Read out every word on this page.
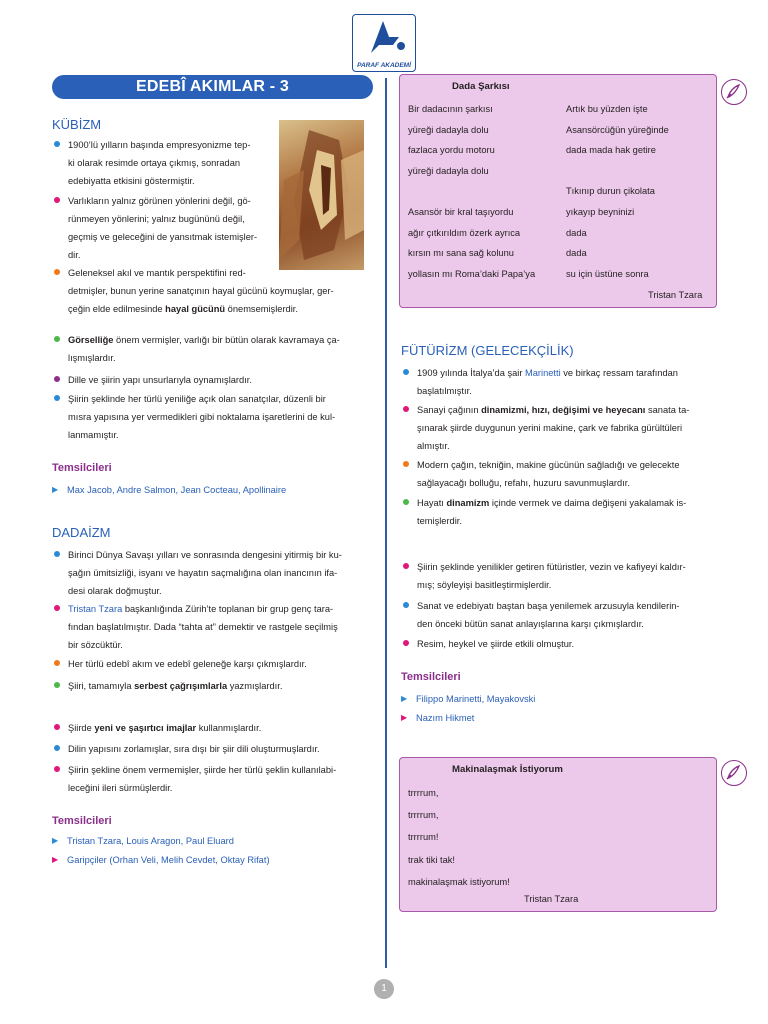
PARAF AKADEMİ
EDEBÎ AKIMLAR - 3
KÜBİZM
1900’lü yılların başında empresyonizme tep-
ki olarak resimde ortaya çıkmış, sonradan
edebiyatta etkisini göstermiştir.
Varlıkların yalnız görünen yönlerini değil, gö-
rünmeyen yönlerini; yalnız bugününü değil,
geçmiş ve geleceğini de yansıtmak istemişler-
dir.
Geleneksel akıl ve mantık perspektifini red-
detmişler, bunun yerine sanatçının hayal gücünü koymuşlar, ger-
çeğin elde edilmesinde hayal gücünü önemsemişlerdir.
Görselliğe önem vermişler, varlığı bir bütün olarak kavramaya ça-
lışmışlardır.
Dille ve şiirin yapı unsurlarıyla oynamışlardır.
Şiirin şeklinde her türlü yeniliğe açık olan sanatçılar, düzenli bir
mısra yapısına yer vermedikleri gibi noktalama işaretlerini de kul-
lanmamıştır.
Temsilcileri
▶ Max Jacob, Andre Salmon, Jean Cocteau, Apollinaire
DADAİZM
Birinci Dünya Savaşı yılları ve sonrasında dengesini yitirmiş bir ku-
şağın ümitsizliği, isyanı ve hayatın saçmalığına olan inancının ifa-
desi olarak doğmuştur.
Tristan Tzara başkanlığında Zürih’te toplanan bir grup genç tara-
fından başlatılmıştır. Dada “tahta at” demektir ve rastgele seçilmiş
bir sözcüktür.
Her türlü edebî akım ve edebî geleneğe karşı çıkmışlardır.
Şiiri, tamamıyla serbest çağrışımlarla yazmışlardır.
Şiirde yeni ve şaşırtıcı imajlar kullanmışlardır.
Dilin yapısını zorlamışlar, sıra dışı bir şiir dili oluşturmuşlardır.
Şiirin şekline önem vermemişler, şiirde her türlü şeklin kullanılabi-
leceğini ileri sürmüşlerdir.
Temsilcileri
▶ Tristan Tzara, Louis Aragon, Paul Eluard
▶ Garipçiler (Orhan Veli, Melih Cevdet, Oktay Rifat)
Dada Şarkısı
Bir dadacının şarkısı
yüreği dadayla dolu
fazlaca yordu motoru
yüreği dadayla dolu

Asansör bir kral taşıyordu
ağır çıtkırıldım özerk ayrıca
kırsın mı sana sağ kolunu
yollasın mı Roma’daki Papa’ya
Artık bu yüzden işte
Asansörcüğün yüreğinde
dada mada hak getire

Tıkınıp durun çikolata
yıkayıp beyninizi
dada
dada
su için üstüne sonra
Tristan Tzara
FÜTÜRİZM (GELECEKÇİLİK)
1909 yılında İtalya’da şair Marinetti ve birkaç ressam tarafından
başlatılmıştır.
Sanayi çağının dinamizmi, hızı, değişimi ve heyecanı sanata ta-
şınarak şiirde duygunun yerini makine, çark ve fabrika gürültüleri
almıştır.
Modern çağın, tekniğin, makine gücünün sağladığı ve gelecekte
sağlayacağı bolluğu, refahı, huzuru savunmuşlardır.
Hayatı dinamizm içinde vermek ve daima değişeni yakalamak is-
temişlerdir.
Şiirin şeklinde yenilikler getiren fütüristler, vezin ve kafiyeyi kaldır-
mış; söyleyişi basitleştirmişlerdir.
Sanat ve edebiyatı baştan başa yenilemek arzusuyla kendilerin-
den önceki bütün sanat anlayışlarına karşı çıkmışlardır.
Resim, heykel ve şiirde etkili olmuştur.
Temsilcileri
▶ Filippo Marinetti, Mayakovski
▶ Nazım Hikmet
Makinalaşmak İstiyorum
trrrrum,
trrrrum,
trrrrum!
trak tiki tak!
makinalaşmak istiyorum!
Tristan Tzara
1
